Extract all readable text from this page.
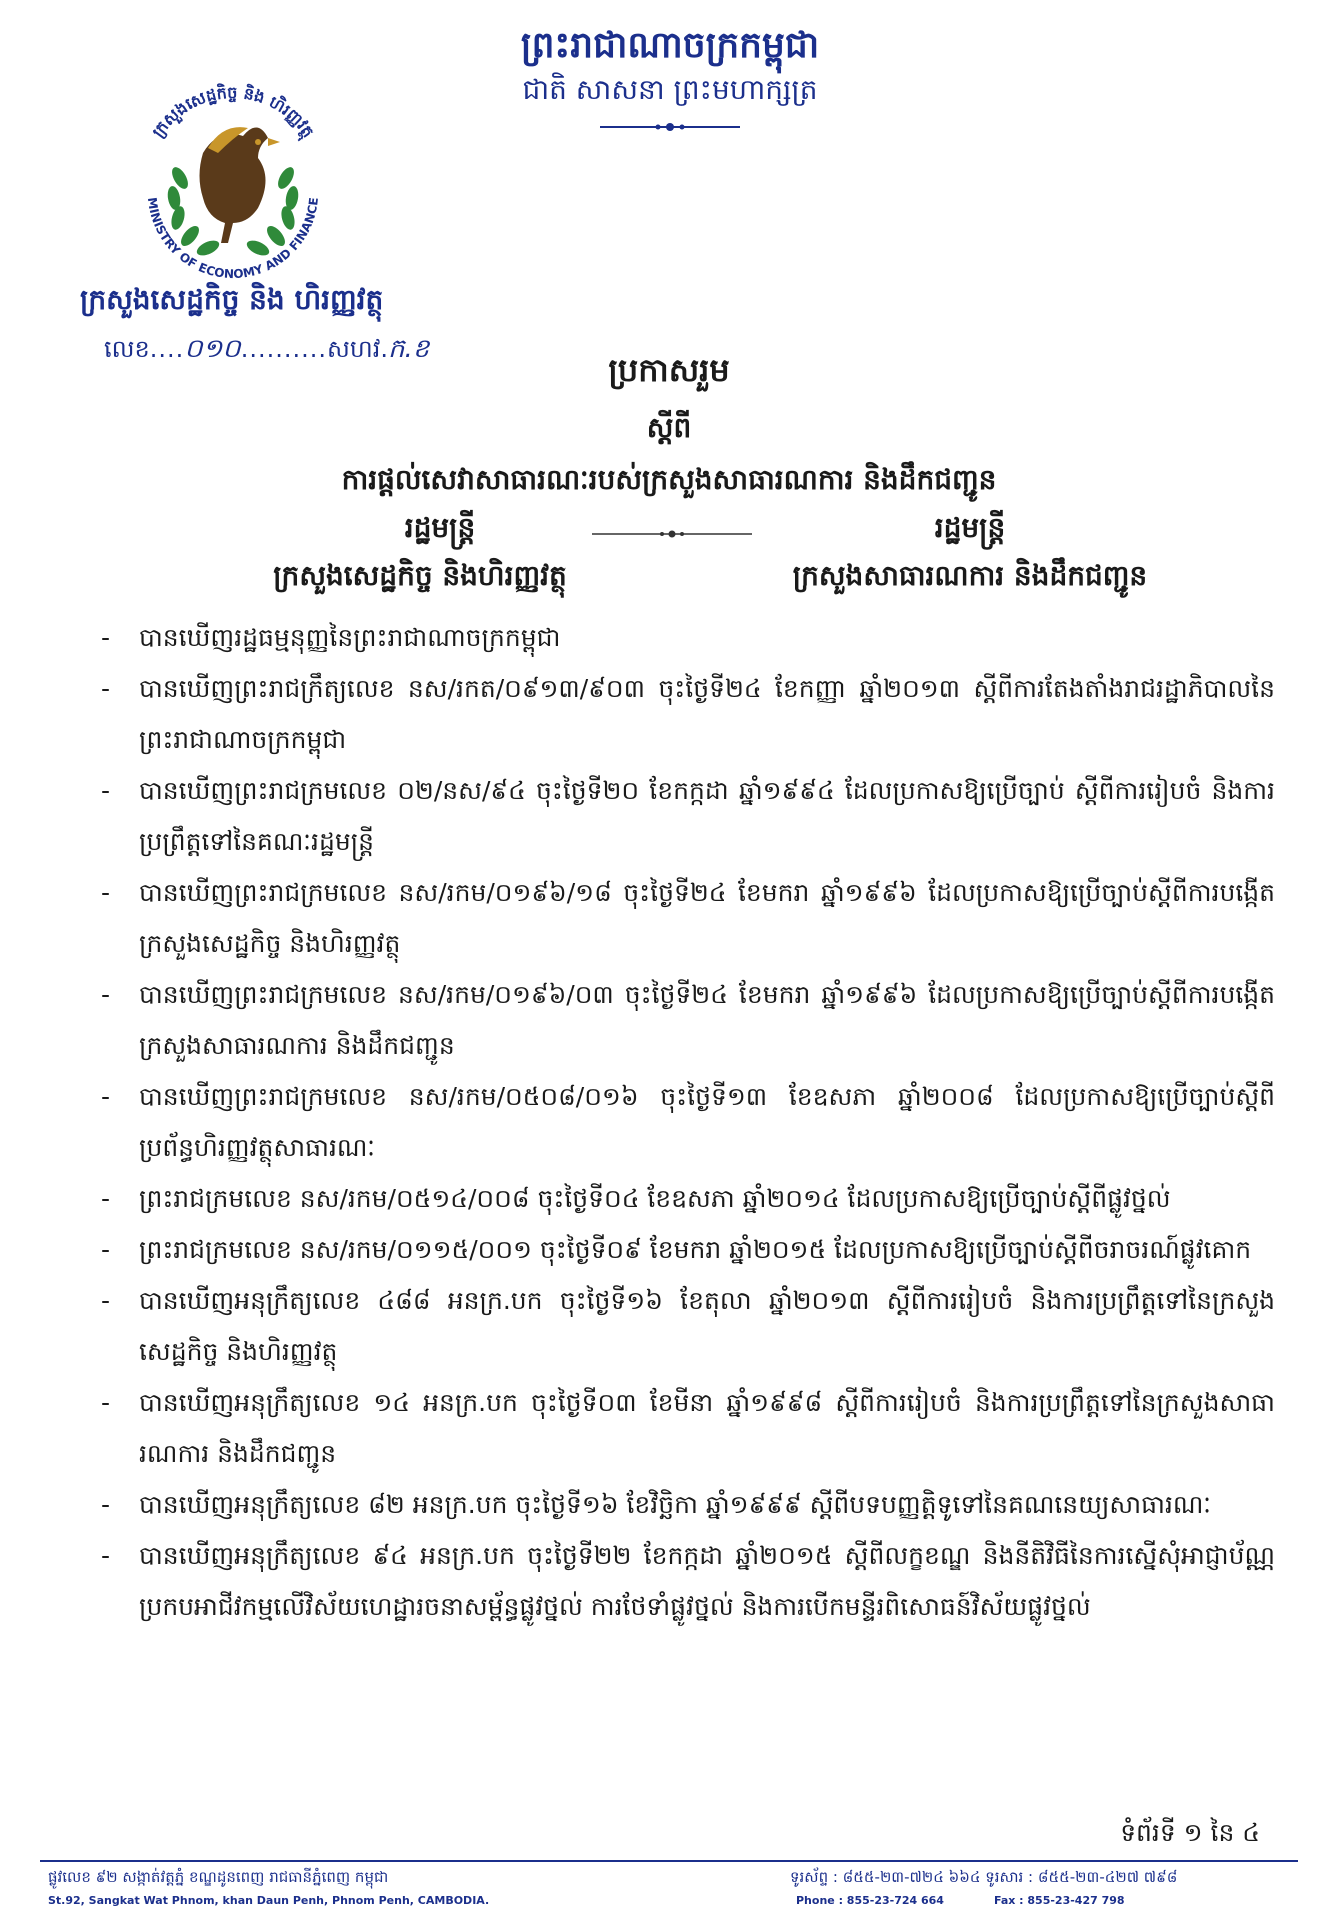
ព្រះរាជាណាចក្រកម្ពុជា
ជាតិ សាសនា ព្រះមហាក្សត្រ
ក្រសួងសេដ្ឋកិច្ច និង ហិរញ្ញវត្ថុ
MINISTRY OF ECONOMY AND FINANCE
ក្រសួងសេដ្ឋកិច្ច និង ហិរញ្ញវត្ថុ
លេខ....០១០..........សហវ.ក.ខ
ប្រកាសរួម
ស្ដីពី
ការផ្ដល់សេវាសាធារណៈរបស់ក្រសួងសាធារណការ និងដឹកជញ្ជូន
រដ្ឋមន្ត្រី	រដ្ឋមន្ត្រី
ក្រសួងសេដ្ឋកិច្ច និងហិរញ្ញវត្ថុ	ក្រសួងសាធារណការ និងដឹកជញ្ជូន
- បានឃើញរដ្ឋធម្មនុញ្ញនៃព្រះរាជាណាចក្រកម្ពុជា
- បានឃើញព្រះរាជក្រឹត្យលេខ នស/រកត/០៩១៣/៩០៣ ចុះថ្ងៃទី២៤ ខែកញ្ញា ឆ្នាំ២០១៣ ស្តីពីការតែងតាំងរាជរដ្ឋាភិបាលនៃព្រះរាជាណាចក្រកម្ពុជា
- បានឃើញព្រះរាជក្រមលេខ ០២/នស/៩៤ ចុះថ្ងៃទី២០ ខែកក្កដា ឆ្នាំ១៩៩៤ ដែលប្រកាសឱ្យប្រើច្បាប់ ស្តីពីការរៀបចំ និងការប្រព្រឹត្តទៅនៃគណៈរដ្ឋមន្ត្រី
- បានឃើញព្រះរាជក្រមលេខ នស/រកម/០១៩៦/១៨ ចុះថ្ងៃទី២៤ ខែមករា ឆ្នាំ១៩៩៦ ដែលប្រកាសឱ្យប្រើច្បាប់ស្តីពីការបង្កើតក្រសួងសេដ្ឋកិច្ច និងហិរញ្ញវត្ថុ
- បានឃើញព្រះរាជក្រមលេខ នស/រកម/០១៩៦/០៣ ចុះថ្ងៃទី២៤ ខែមករា ឆ្នាំ១៩៩៦ ដែលប្រកាសឱ្យប្រើច្បាប់ស្តីពីការបង្កើតក្រសួងសាធារណការ និងដឹកជញ្ជូន
- បានឃើញព្រះរាជក្រមលេខ នស/រកម/០៥០៨/០១៦ ចុះថ្ងៃទី១៣ ខែឧសភា ឆ្នាំ២០០៨ ដែលប្រកាសឱ្យប្រើច្បាប់ស្តីពីប្រព័ន្ធហិរញ្ញវត្ថុសាធារណៈ
- ព្រះរាជក្រមលេខ នស/រកម/០៥១៤/០០៨ ចុះថ្ងៃទី០៤ ខែឧសភា ឆ្នាំ២០១៤ ដែលប្រកាសឱ្យប្រើច្បាប់ស្តីពីផ្លូវថ្នល់
- ព្រះរាជក្រមលេខ នស/រកម/០១១៥/០០១ ចុះថ្ងៃទី០៩ ខែមករា ឆ្នាំ២០១៥ ដែលប្រកាសឱ្យប្រើច្បាប់ស្តីពីចរាចរណ៍ផ្លូវគោក
- បានឃើញអនុក្រឹត្យលេខ ៤៨៨ អនក្រ.បក ចុះថ្ងៃទី១៦ ខែតុលា ឆ្នាំ២០១៣ ស្តីពីការរៀបចំ និងការប្រព្រឹត្តទៅនៃក្រសួងសេដ្ឋកិច្ច និងហិរញ្ញវត្ថុ
- បានឃើញអនុក្រឹត្យលេខ ១៤ អនក្រ.បក ចុះថ្ងៃទី០៣ ខែមីនា ឆ្នាំ១៩៩៨ ស្តីពីការរៀបចំ និងការប្រព្រឹត្តទៅនៃក្រសួងសាធារណការ និងដឹកជញ្ជូន
- បានឃើញអនុក្រឹត្យលេខ ៨២ អនក្រ.បក ចុះថ្ងៃទី១៦ ខែវិច្ឆិកា ឆ្នាំ១៩៩៩ ស្តីពីបទបញ្ញត្តិទូទៅនៃគណនេយ្យសាធារណៈ
- បានឃើញអនុក្រឹត្យលេខ ៩៤ អនក្រ.បក ចុះថ្ងៃទី២២ ខែកក្កដា ឆ្នាំ២០១៥ ស្តីពីលក្ខខណ្ឌ និងនីតិវិធីនៃការស្នើសុំអាជ្ញាប័ណ្ណប្រកបអាជីវកម្មលើវិស័យហេដ្ឋារចនាសម្ព័ន្ធផ្លូវថ្នល់ ការថែទាំផ្លូវថ្នល់ និងការបើកមន្ទីរពិសោធន៍វិស័យផ្លូវថ្នល់
ទំព័រទី ១ នៃ ៤
ផ្លូវលេខ ៩២ សង្កាត់វត្តភ្នំ ខណ្ឌដូនពេញ រាជធានីភ្នំពេញ កម្ពុជា
St.92, Sangkat Wat Phnom, khan Daun Penh, Phnom Penh, CAMBODIA.
ទូរស័ព្ទ : ៨៥៥-២៣-៧២៤ ៦៦៤ ទូរសារ : ៨៥៥-២៣-៤២៧ ៧៩៨
Phone : 855-23-724 664	Fax : 855-23-427 798
